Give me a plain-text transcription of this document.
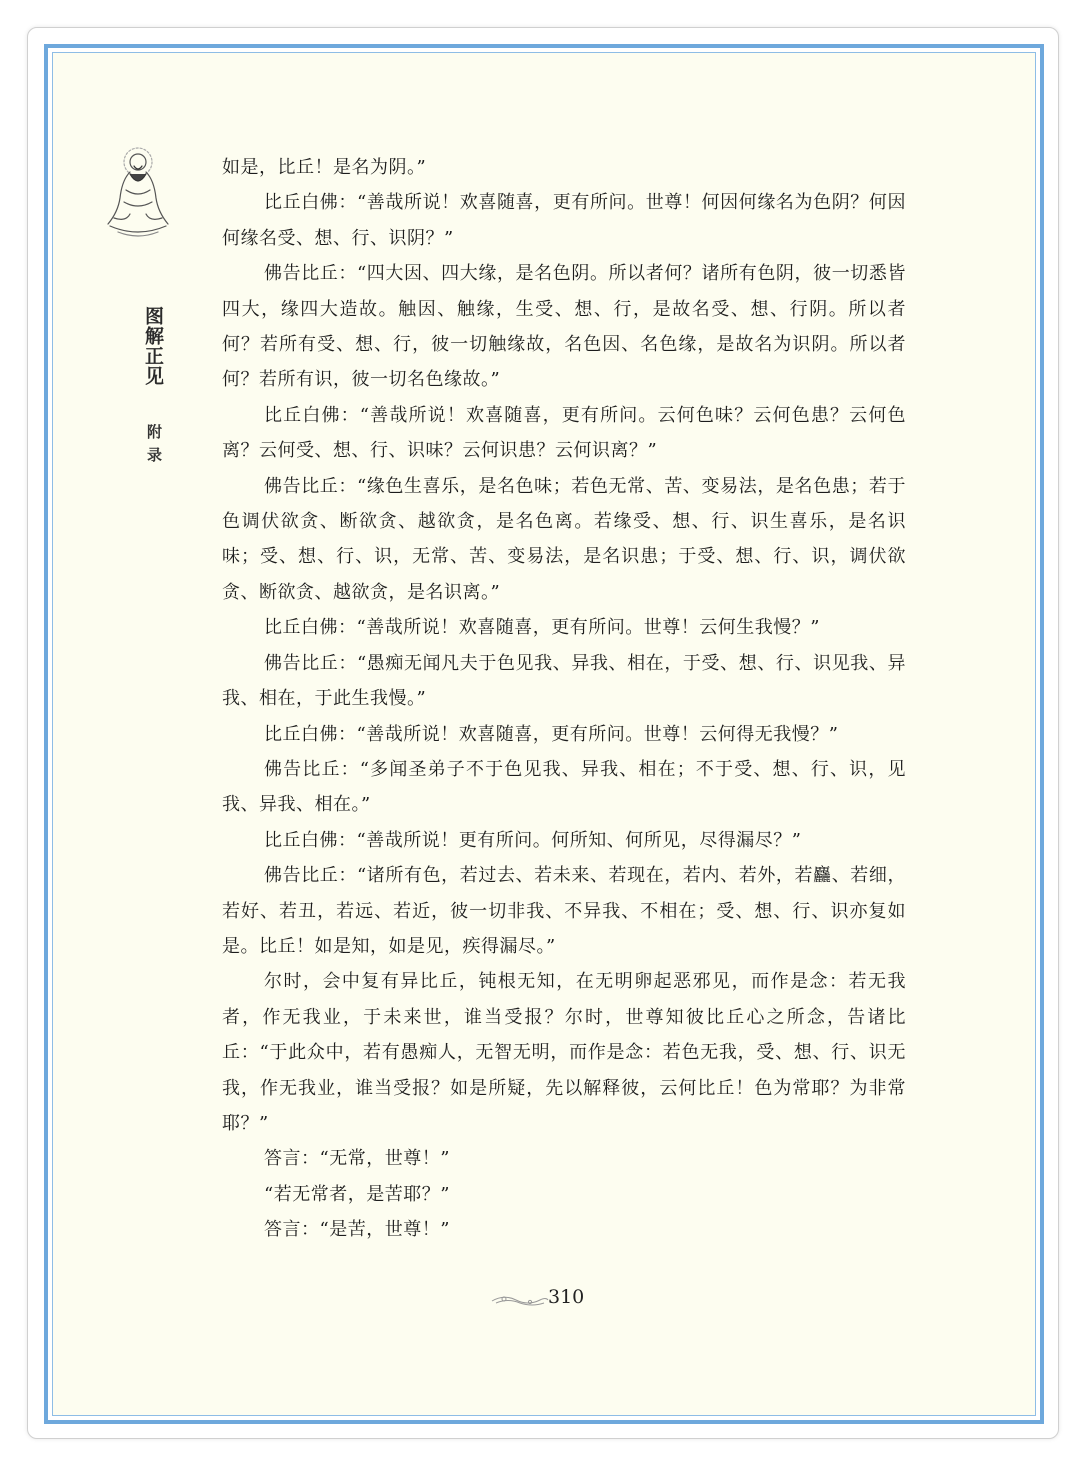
图解正见
附录

如是，比丘！是名为阴。”

比丘白佛：“善哉所说！欢喜随喜，更有所问。世尊！何因何缘名为色阴？何因何缘名受、想、行、识阴？”

佛告比丘：“四大因、四大缘，是名色阴。所以者何？诸所有色阴，彼一切悉皆四大，缘四大造故。触因、触缘，生受、想、行，是故名受、想、行阴。所以者何？若所有受、想、行，彼一切触缘故，名色因、名色缘，是故名为识阴。所以者何？若所有识，彼一切名色缘故。”

比丘白佛：“善哉所说！欢喜随喜，更有所问。云何色味？云何色患？云何色离？云何受、想、行、识味？云何识患？云何识离？”

佛告比丘：“缘色生喜乐，是名色味；若色无常、苦、变易法，是名色患；若于色调伏欲贪、断欲贪、越欲贪，是名色离。若缘受、想、行、识生喜乐，是名识味；受、想、行、识，无常、苦、变易法，是名识患；于受、想、行、识，调伏欲贪、断欲贪、越欲贪，是名识离。”

比丘白佛：“善哉所说！欢喜随喜，更有所问。世尊！云何生我慢？”

佛告比丘：“愚痴无闻凡夫于色见我、异我、相在，于受、想、行、识见我、异我、相在，于此生我慢。”

比丘白佛：“善哉所说！欢喜随喜，更有所问。世尊！云何得无我慢？”

佛告比丘：“多闻圣弟子不于色见我、异我、相在；不于受、想、行、识，见我、异我、相在。”

比丘白佛：“善哉所说！更有所问。何所知、何所见，尽得漏尽？”

佛告比丘：“诸所有色，若过去、若未来、若现在，若内、若外，若麤、若细，若好、若丑，若远、若近，彼一切非我、不异我、不相在；受、想、行、识亦复如是。比丘！如是知，如是见，疾得漏尽。”

尔时，会中复有异比丘，钝根无知，在无明卵起恶邪见，而作是念：若无我者，作无我业，于未来世，谁当受报？尔时，世尊知彼比丘心之所念，告诸比丘：“于此众中，若有愚痴人，无智无明，而作是念：若色无我，受、想、行、识无我，作无我业，谁当受报？如是所疑，先以解释彼，云何比丘！色为常耶？为非常耶？”

答言：“无常，世尊！”

“若无常者，是苦耶？”

答言：“是苦，世尊！”

310
